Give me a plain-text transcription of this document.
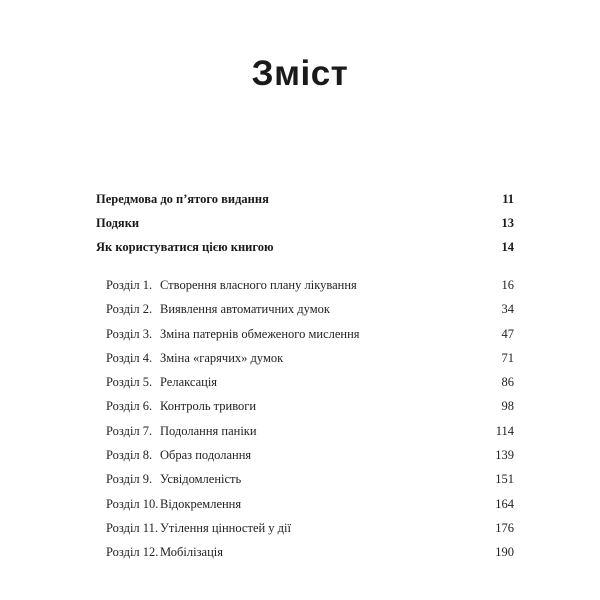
Зміст
Передмова до п’ятого видання	11
Подяки	13
Як користуватися цією книгою	14
Розділ 1. Створення власного плану лікування	16
Розділ 2. Виявлення автоматичних думок	34
Розділ 3. Зміна патернів обмеженого мислення	47
Розділ 4. Зміна «гарячих» думок	71
Розділ 5. Релаксація	86
Розділ 6. Контроль тривоги	98
Розділ 7. Подолання паніки	114
Розділ 8. Образ подолання	139
Розділ 9. Усвідомленість	151
Розділ 10. Відокремлення	164
Розділ 11. Утілення цінностей у дії	176
Розділ 12. Мобілізація	190
